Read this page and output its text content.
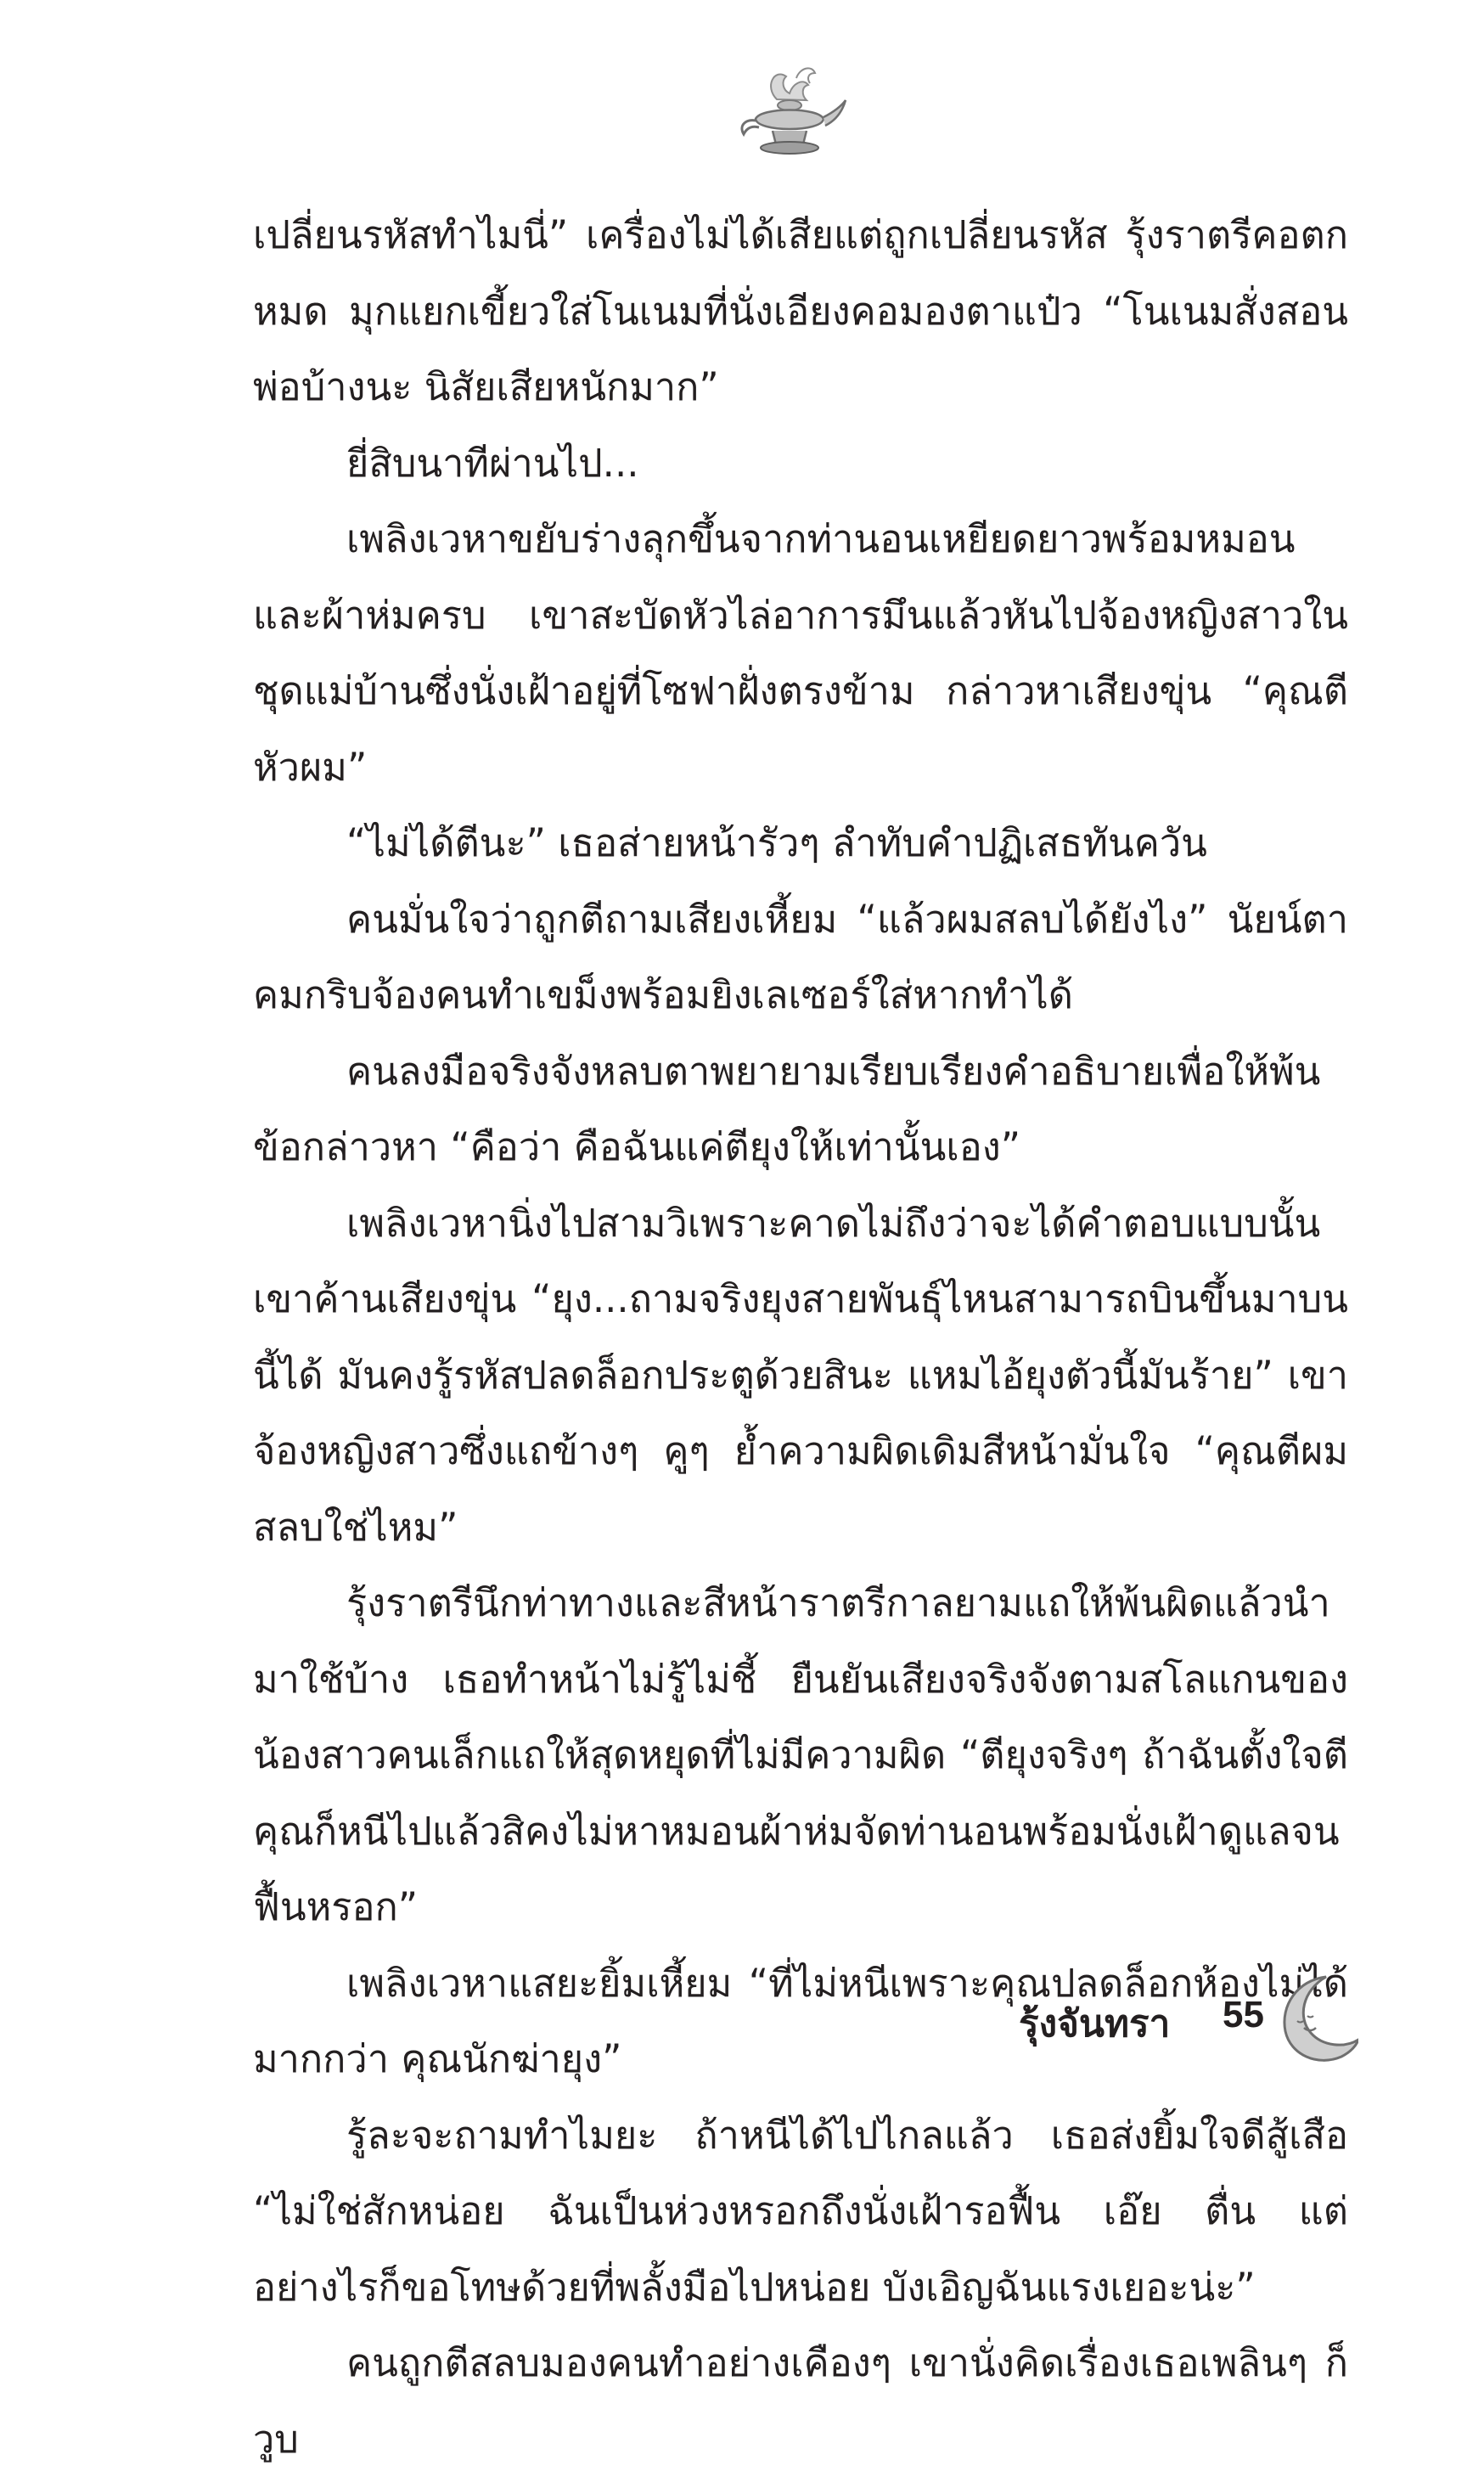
เปลี่ยนรหัสทำไมนี่” เครื่องไม่ได้เสียแต่ถูกเปลี่ยนรหัส รุ้งราตรีคอตกหมด มุกแยกเขี้ยวใส่โนเนมที่นั่งเอียงคอมองตาแป๋ว “โนเนมสั่งสอนพ่อบ้างนะ นิสัยเสียหนักมาก”

ยี่สิบนาทีผ่านไป...

เพลิงเวหาขยับร่างลุกขึ้นจากท่านอนเหยียดยาวพร้อมหมอนและผ้าห่มครบ เขาสะบัดหัวไล่อาการมึนแล้วหันไปจ้องหญิงสาวในชุดแม่บ้านซึ่งนั่งเฝ้าอยู่ที่โซฟาฝั่งตรงข้าม กล่าวหาเสียงขุ่น “คุณตีหัวผม”

“ไม่ได้ตีนะ” เธอส่ายหน้ารัวๆ ลำทับคำปฏิเสธทันควัน

คนมั่นใจว่าถูกตีถามเสียงเหี้ยม “แล้วผมสลบได้ยังไง” นัยน์ตาคมกริบจ้องคนทำเขม็งพร้อมยิงเลเซอร์ใส่หากทำได้

คนลงมือจริงจังหลบตาพยายามเรียบเรียงคำอธิบายเพื่อให้พ้นข้อกล่าวหา “คือว่า คือฉันแค่ตียุงให้เท่านั้นเอง”

เพลิงเวหานิ่งไปสามวิเพราะคาดไม่ถึงว่าจะได้คำตอบแบบนั้น เขาค้านเสียงขุ่น “ยุง...ถามจริงยุงสายพันธุ์ไหนสามารถบินขึ้นมาบนนี้ได้ มันคงรู้รหัสปลดล็อกประตูด้วยสินะ แหมไอ้ยุงตัวนี้มันร้าย” เขาจ้องหญิงสาวซึ่งแถข้างๆ คูๆ ย้ำความผิดเดิมสีหน้ามั่นใจ “คุณตีผมสลบใช่ไหม”

รุ้งราตรีนึกท่าทางและสีหน้าราตรีกาลยามแถให้พ้นผิดแล้วนำมาใช้บ้าง เธอทำหน้าไม่รู้ไม่ชี้ ยืนยันเสียงจริงจังตามสโลแกนของน้องสาวคนเล็กแถให้สุดหยุดที่ไม่มีความผิด “ตียุงจริงๆ ถ้าฉันตั้งใจตีคุณก็หนีไปแล้วสิคงไม่หาหมอนผ้าห่มจัดท่านอนพร้อมนั่งเฝ้าดูแลจนฟื้นหรอก”

เพลิงเวหาแสยะยิ้มเหี้ยม “ที่ไม่หนีเพราะคุณปลดล็อกห้องไม่ได้มากกว่า คุณนักฆ่ายุง”

รู้ละจะถามทำไมยะ ถ้าหนีได้ไปไกลแล้ว เธอส่งยิ้มใจดีสู้เสือ “ไม่ใช่สักหน่อย ฉันเป็นห่วงหรอกถึงนั่งเฝ้ารอฟื้น เอ๊ย ตื่น แต่อย่างไรก็ขอโทษด้วยที่พลั้งมือไปหน่อย บังเอิญฉันแรงเยอะน่ะ”

คนถูกตีสลบมองคนทำอย่างเคืองๆ เขานั่งคิดเรื่องเธอเพลินๆ ก็วูบ

รุ้งจันทรา 55
